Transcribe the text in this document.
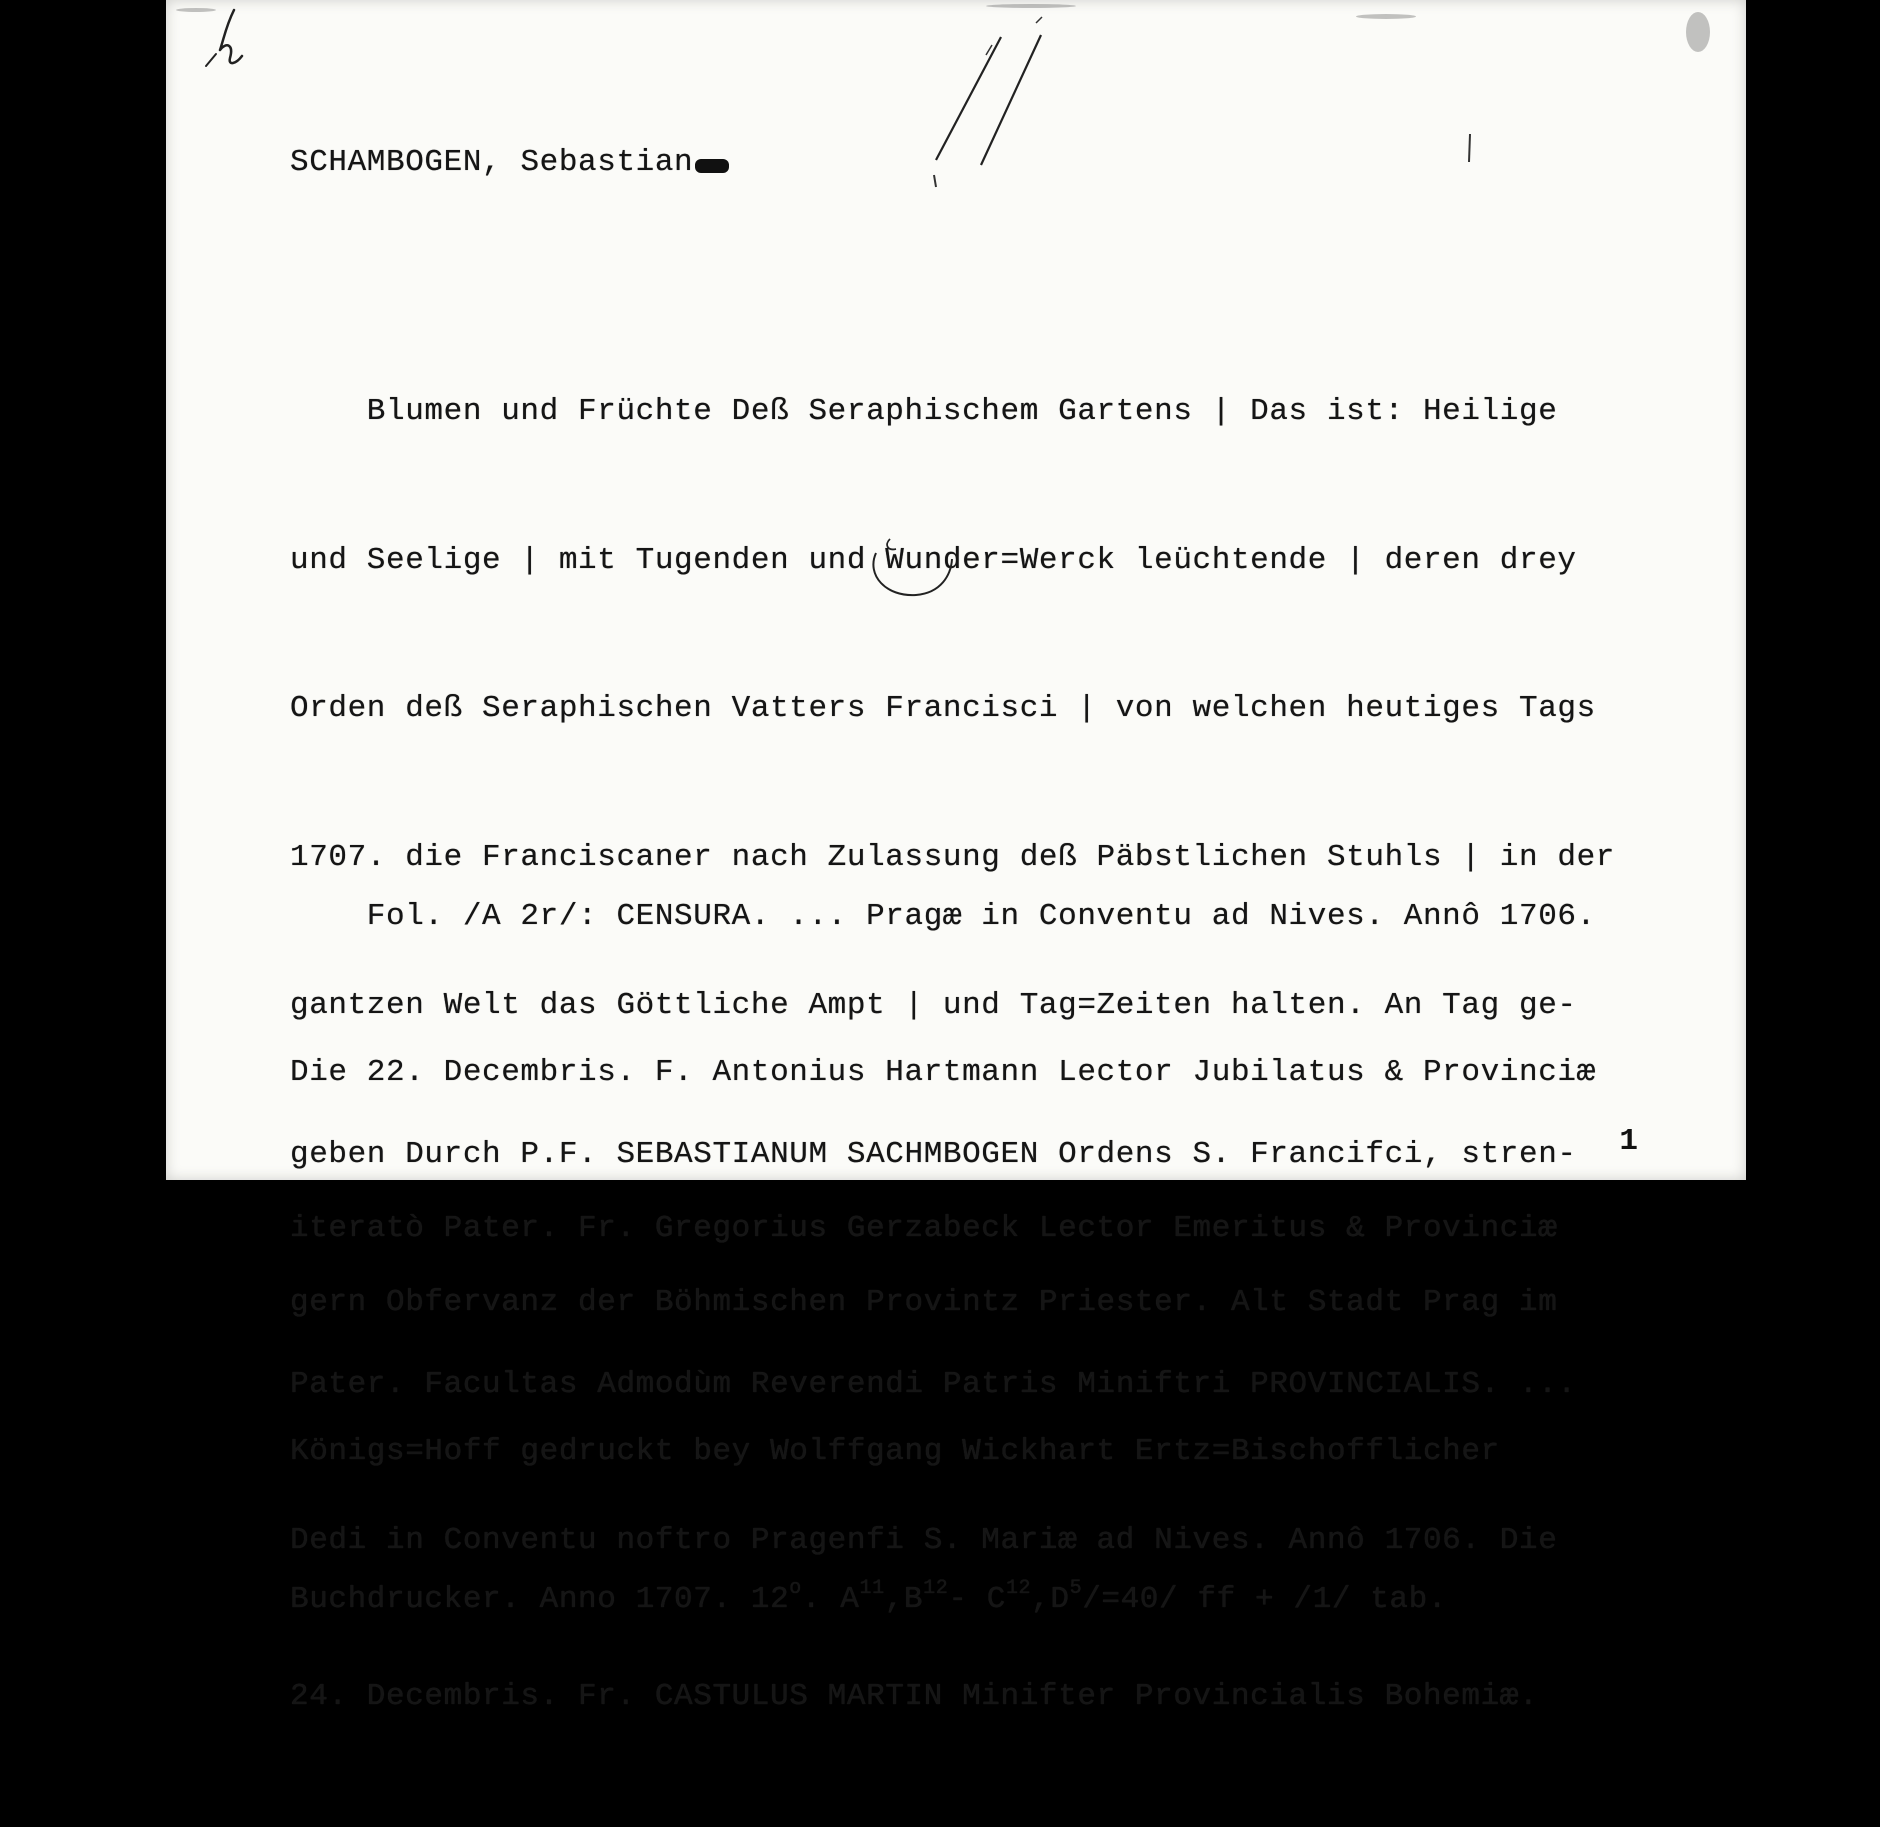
SCHAMBOGEN, Sebastian

Blumen und Früchte Deß Seraphischem Gartens | Das ist: Heilige

und Seelige | mit Tugenden und Wunder=Werck leüchtende | deren drey

Orden deß Seraphischen Vatters Francisci | von welchen heutiges Tags

1707. die Franciscaner nach Zulassung deß Päbstlichen Stuhls | in der

gantzen Welt das Göttliche Ampt | und Tag=Zeiten halten. An Tag ge-

geben Durch P.F. SEBASTIANUM SACHMBOGEN Ordens S. Francifci, stren-

gern Obfervanz der Böhmischen Provintz Priester. Alt Stadt Prag im

Königs=Hoff gedruckt bey Wolffgang Wickhart Ertz=Bischofflicher

Buchdrucker. Anno 1707. 12$^o$. $A^{11},B^{12}-$ $C^{12},D^5/=40/$ ff + /1/ tab.

Fol. /A 2r/: CENSURA. ... Pragæ in Conventu ad Nives. Annô 1706.

Die 22. Decembris. F. Antonius Hartmann Lector Jubilatus & Provinciæ

iteratò Pater. Fr. Gregorius Gerzabeck Lector Emeritus & Provinciæ

Pater. Facultas Admodùm Reverendi Patris Miniftri PROVINCIALIS. ...

Dedi in Conventu noftro Pragenfi S. Mariæ ad Nives. Annô 1706. Die

24. Decembris. Fr. CASTULUS MARTIN Minifter Provincialis Bohemiæ.

1
